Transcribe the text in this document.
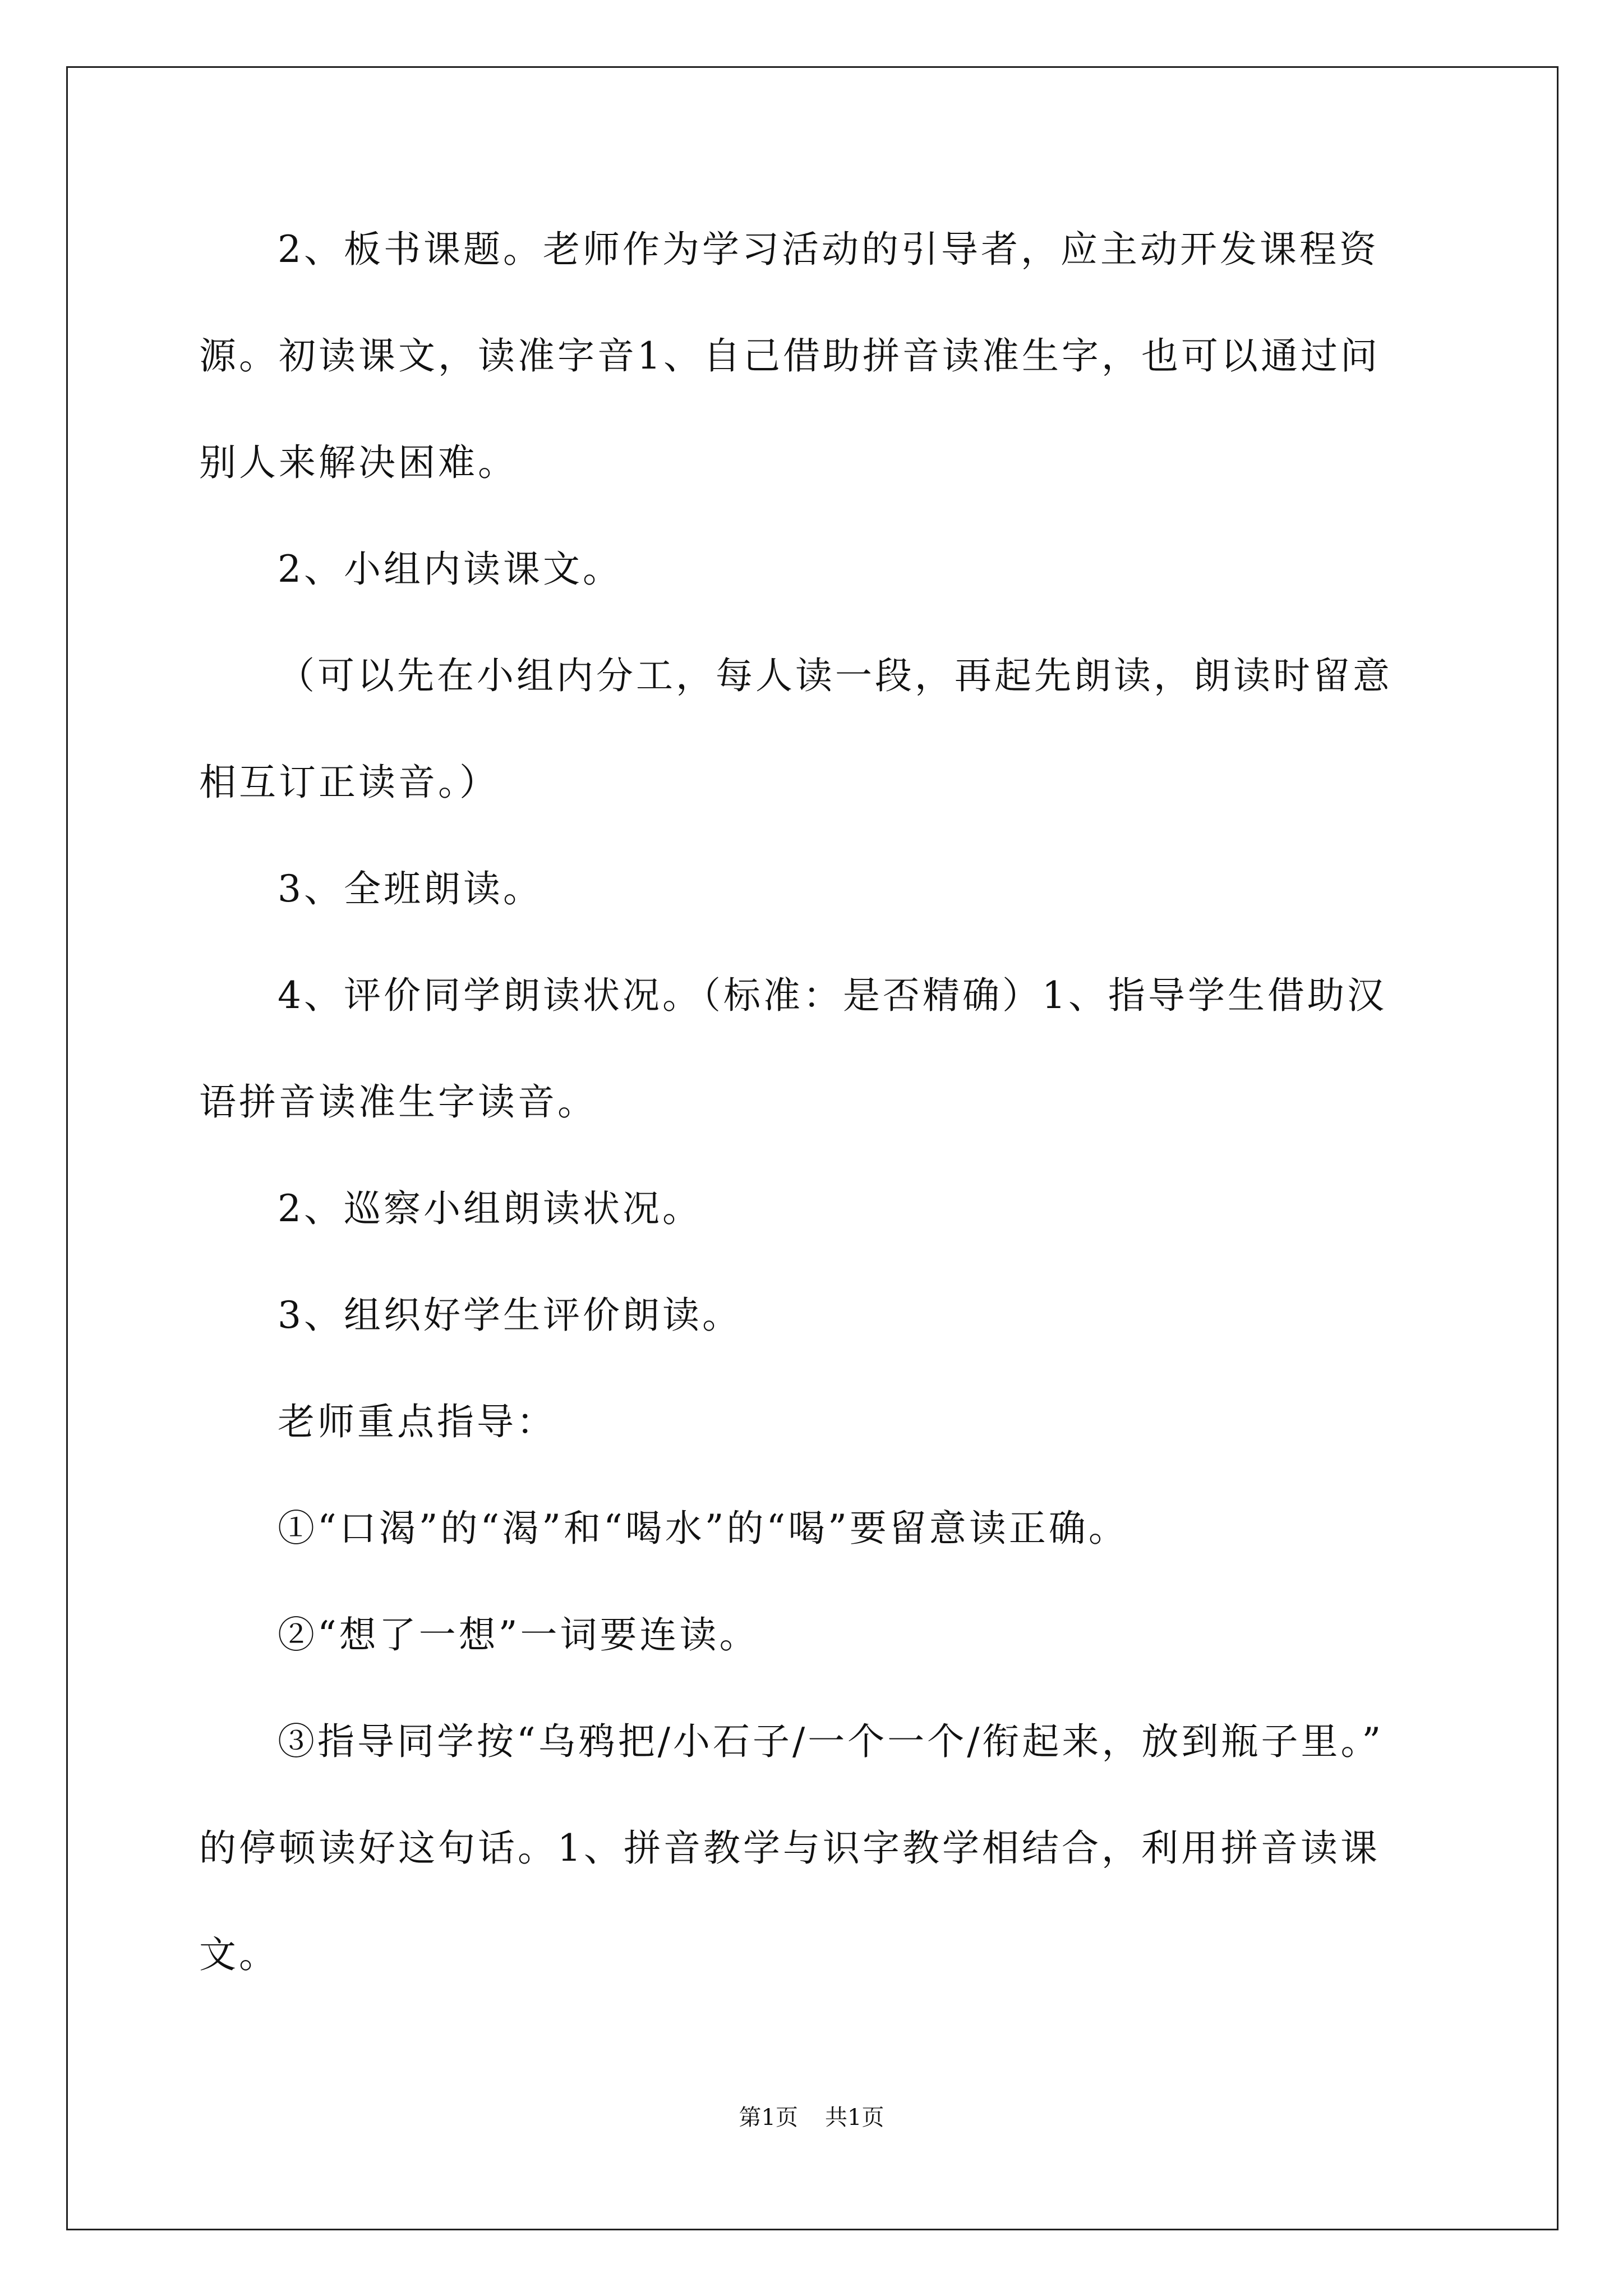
2、板书课题。老师作为学习活动的引导者，应主动开发课程资
源。初读课文，读准字音1、自己借助拼音读准生字，也可以通过问
别人来解决困难。
2、小组内读课文。
（可以先在小组内分工，每人读一段，再起先朗读，朗读时留意
相互订正读音。）
3、全班朗读。
4、评价同学朗读状况。（标准：是否精确）1、指导学生借助汉
语拼音读准生字读音。
2、巡察小组朗读状况。
3、组织好学生评价朗读。
老师重点指导：
①“口渴”的“渴”和“喝水”的“喝”要留意读正确。
②“想了一想”一词要连读。
③指导同学按“乌鸦把/小石子/一个一个/衔起来，放到瓶子里。”
的停顿读好这句话。1、拼音教学与识字教学相结合，利用拼音读课
文。
第1页 共1页
